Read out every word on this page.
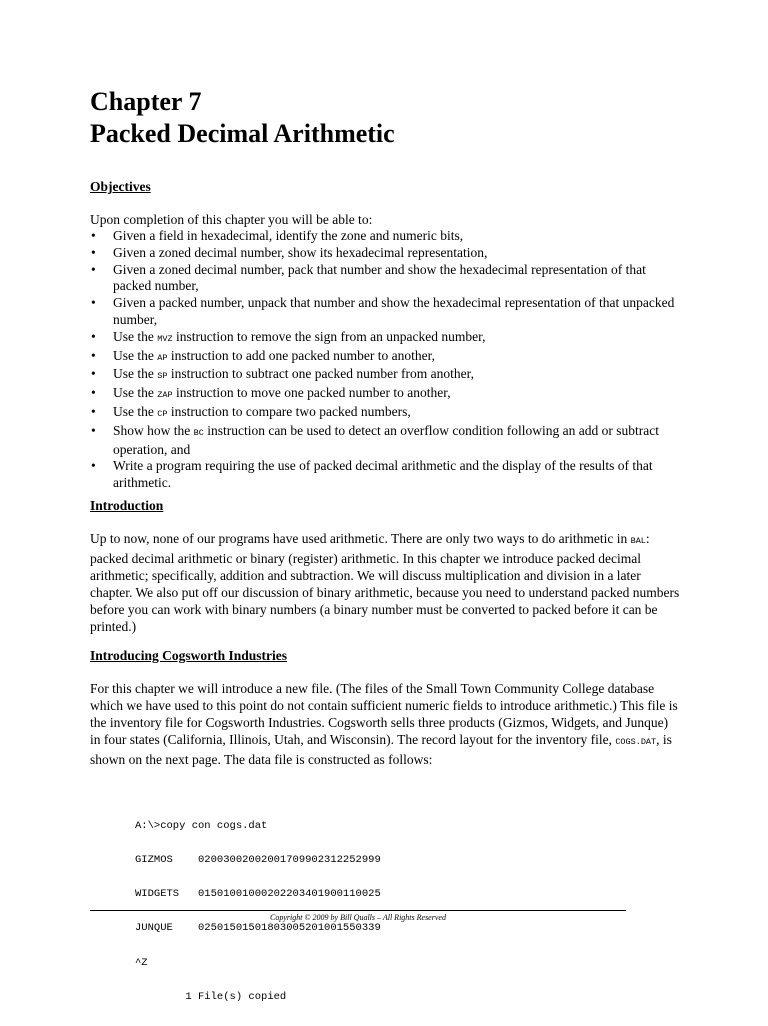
Chapter 7
Packed Decimal Arithmetic
Objectives

Upon completion of this chapter you will be able to:

• Given a field in hexadecimal, identify the zone and numeric bits,
• Given a zoned decimal number, show its hexadecimal representation,
• Given a zoned decimal number, pack that number and show the hexadecimal representation of that packed number,
• Given a packed number, unpack that number and show the hexadecimal representation of that unpacked number,
• Use the MVZ instruction to remove the sign from an unpacked number,
• Use the AP instruction to add one packed number to another,
• Use the SP instruction to subtract one packed number from another,
• Use the ZAP instruction to move one packed number to another,
• Use the CP instruction to compare two packed numbers,
• Show how the BC instruction can be used to detect an overflow condition following an add or subtract operation, and
• Write a program requiring the use of packed decimal arithmetic and the display of the results of that arithmetic.
Introduction

Up to now, none of our programs have used arithmetic. There are only two ways to do arithmetic in BAL: packed decimal arithmetic or binary (register) arithmetic. In this chapter we introduce packed decimal arithmetic; specifically, addition and subtraction. We will discuss multiplication and division in a later chapter. We also put off our discussion of binary arithmetic, because you need to understand packed numbers before you can work with binary numbers (a binary number must be converted to packed before it can be printed.)

Introducing Cogsworth Industries

For this chapter we will introduce a new file. (The files of the Small Town Community College database which we have used to this point do not contain sufficient numeric fields to introduce arithmetic.) This file is the inventory file for Cogsworth Industries. Cogsworth sells three products (Gizmos, Widgets, and Junque) in four states (California, Illinois, Utah, and Wisconsin). The record layout for the inventory file, COGS.DAT, is shown on the next page. The data file is constructed as follows:

A:\>copy con cogs.dat

GIZMOS    02003002002001709902312252999

WIDGETS   01501001000202203401900110025

JUNQUE    02501501501803005201001550339

^Z

1 File(s) copied

Copyright © 2009 by Bill Qualls – All Rights Reserved
